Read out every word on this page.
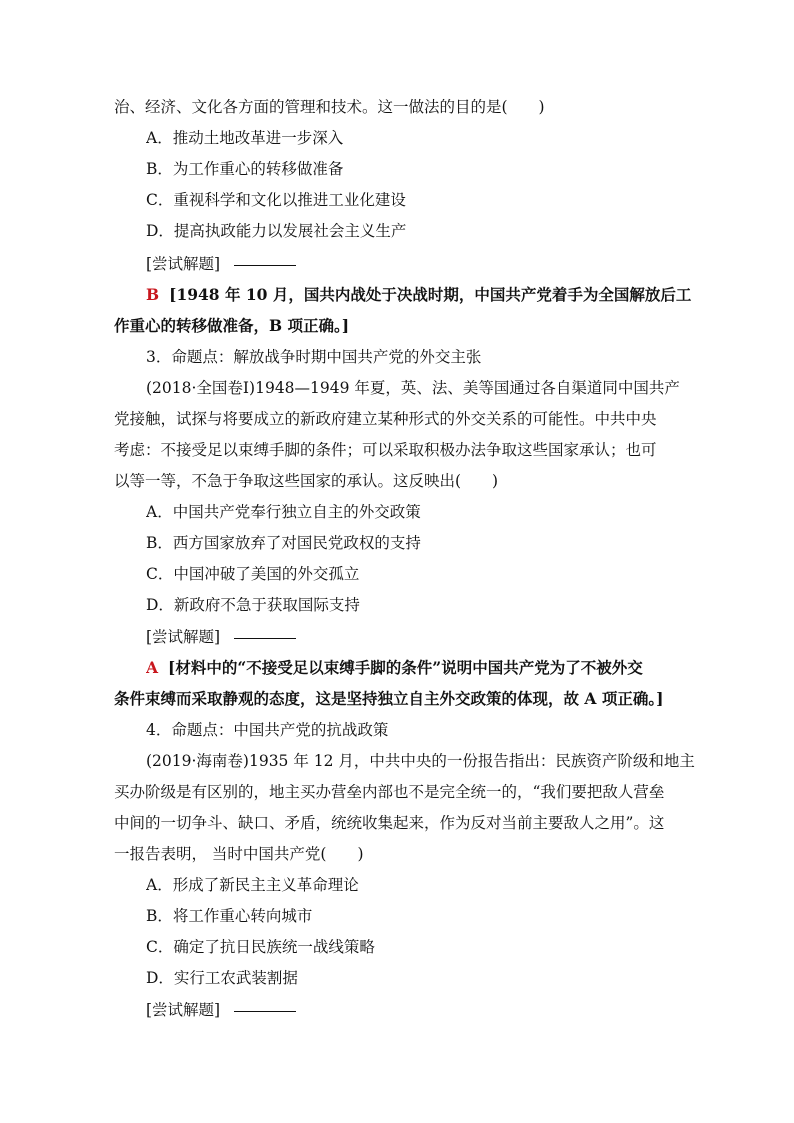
治、经济、文化各方面的管理和技术。这一做法的目的是(　　)
A．推动土地改革进一步深入
B．为工作重心的转移做准备
C．重视科学和文化以推进工业化建设
D．提高执政能力以发展社会主义生产
[尝试解题]
B [1948 年 10 月，国共内战处于决战时期，中国共产党着手为全国解放后工
作重心的转移做准备，B 项正确。]
3．命题点：解放战争时期中国共产党的外交主张
(2018·全国卷Ⅰ)1948—1949 年夏，英、法、美等国通过各自渠道同中国共产
党接触，试探与将要成立的新政府建立某种形式的外交关系的可能性。中共中央
考虑：不接受足以束缚手脚的条件；可以采取积极办法争取这些国家承认；也可
以等一等，不急于争取这些国家的承认。这反映出(　　)
A．中国共产党奉行独立自主的外交政策
B．西方国家放弃了对国民党政权的支持
C．中国冲破了美国的外交孤立
D．新政府不急于获取国际支持
[尝试解题]
A [材料中的“不接受足以束缚手脚的条件”说明中国共产党为了不被外交
条件束缚而采取静观的态度，这是坚持独立自主外交政策的体现，故 A 项正确。]
4．命题点：中国共产党的抗战政策
(2019·海南卷)1935 年 12 月，中共中央的一份报告指出：民族资产阶级和地主
买办阶级是有区别的，地主买办营垒内部也不是完全统一的，“我们要把敌人营垒
中间的一切争斗、缺口、矛盾，统统收集起来，作为反对当前主要敌人之用”。这
一报告表明， 当时中国共产党(　　)
A．形成了新民主主义革命理论
B．将工作重心转向城市
C．确定了抗日民族统一战线策略
D．实行工农武装割据
[尝试解题]
